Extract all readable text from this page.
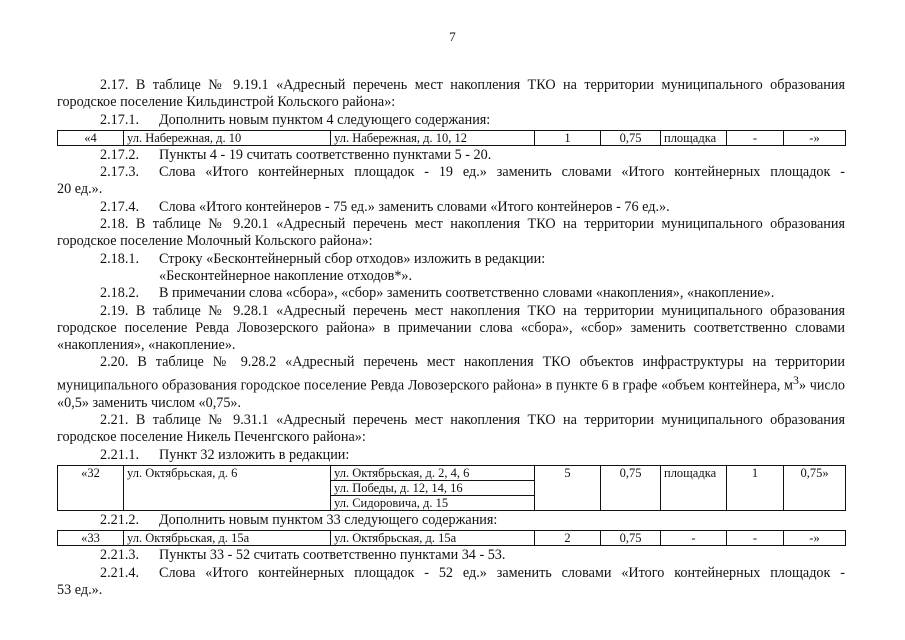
7

2.17. В таблице № 9.19.1 «Адресный перечень мест накопления ТКО на территории муниципального образования городское поселение Кильдинстрой Кольского района»:

2.17.1. Дополнить новым пунктом 4 следующего содержания:

«4	ул. Набережная, д. 10	ул. Набережная, д. 10, 12	1	0,75	площадка	-	-»

2.17.2. Пункты 4 - 19 считать соответственно пунктами 5 - 20.

2.17.3. Слова «Итого контейнерных площадок - 19 ед.» заменить словами «Итого контейнерных площадок -

20 ед.».

2.17.4. Слова «Итого контейнеров - 75 ед.» заменить словами «Итого контейнеров - 76 ед.».

2.18. В таблице № 9.20.1 «Адресный перечень мест накопления ТКО на территории муниципального образования городское поселение Молочный Кольского района»:

2.18.1. Строку «Бесконтейнерный сбор отходов» изложить в редакции:

«Бесконтейнерное накопление отходов*».

2.18.2. В примечании слова «сбора», «сбор» заменить соответственно словами «накопления», «накопление».

2.19. В таблице № 9.28.1 «Адресный перечень мест накопления ТКО на территории муниципального образования городское поселение Ревда Ловозерского района» в примечании слова «сбора», «сбор» заменить соответственно словами «накопления», «накопление».

2.20. В таблице № 9.28.2 «Адресный перечень мест накопления ТКО объектов инфраструктуры на территории муниципального образования городское поселение Ревда Ловозерского района» в пункте 6 в графе «объем контейнера, $м^3$» число «0,5» заменить числом «0,75».

2.21. В таблице № 9.31.1 «Адресный перечень мест накопления ТКО на территории муниципального образования городское поселение Никель Печенгского района»:

2.21.1. Пункт 32 изложить в редакции:

«32	ул. Октябрьская, д. 6	ул. Октябрьская, д. 2, 4, 6	5	0,75	площадка	1	0,75»
ул. Победы, д. 12, 14, 16
ул. Сидоровича, д. 15

2.21.2. Дополнить новым пунктом 33 следующего содержания:

«33	ул. Октябрьская, д. 15а	ул. Октябрьская, д. 15а	2	0,75	-	-	-»

2.21.3. Пункты 33 - 52 считать соответственно пунктами 34 - 53.

2.21.4. Слова «Итого контейнерных площадок - 52 ед.» заменить словами «Итого контейнерных площадок -

53 ед.».
